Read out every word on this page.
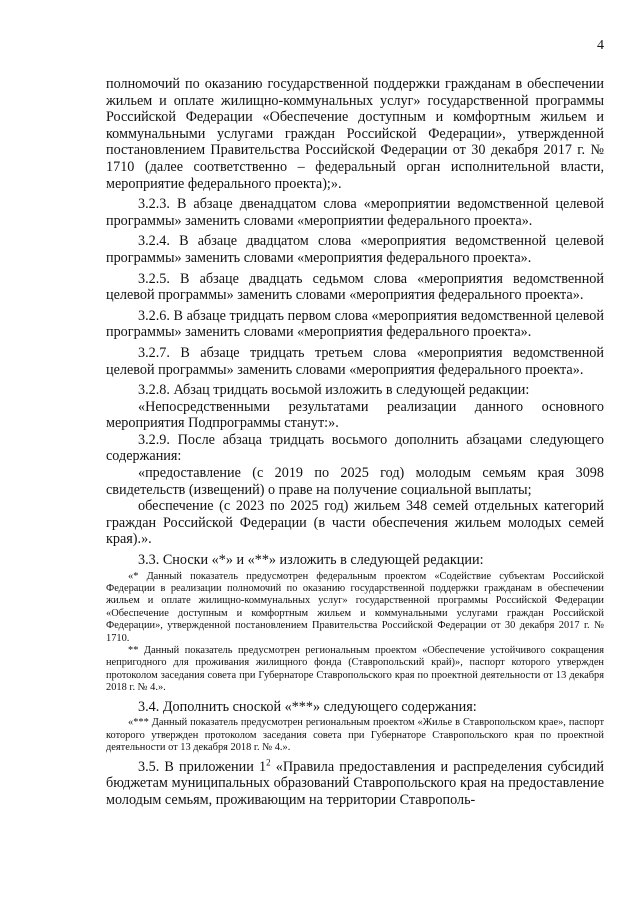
4

полномочий по оказанию государственной поддержки гражданам в обеспечении жильем и оплате жилищно-коммунальных услуг» государственной программы Российской Федерации «Обеспечение доступным и комфортным жильем и коммунальными услугами граждан Российской Федерации», утвержденной постановлением Правительства Российской Федерации от 30 декабря 2017 г. № 1710 (далее соответственно – федеральный орган исполнительной власти, мероприятие федерального проекта);».

3.2.3. В абзаце двенадцатом слова «мероприятии ведомственной целевой программы» заменить словами «мероприятии федерального проекта».

3.2.4. В абзаце двадцатом слова «мероприятия ведомственной целевой программы» заменить словами «мероприятия федерального проекта».

3.2.5. В абзаце двадцать седьмом слова «мероприятия ведомственной целевой программы» заменить словами «мероприятия федерального проекта».

3.2.6. В абзаце тридцать первом слова «мероприятия ведомственной целевой программы» заменить словами «мероприятия федерального проекта».

3.2.7. В абзаце тридцать третьем слова «мероприятия ведомственной целевой программы» заменить словами «мероприятия федерального проекта».

3.2.8. Абзац тридцать восьмой изложить в следующей редакции:

«Непосредственными результатами реализации данного основного мероприятия Подпрограммы станут:».

3.2.9. После абзаца тридцать восьмого дополнить абзацами следующего содержания:

«предоставление (с 2019 по 2025 год) молодым семьям края 3098 свидетельств (извещений) о праве на получение социальной выплаты;

обеспечение (с 2023 по 2025 год) жильем 348 семей отдельных категорий граждан Российской Федерации (в части обеспечения жильем молодых семей края).».

3.3. Сноски «*» и «**» изложить в следующей редакции:

«* Данный показатель предусмотрен федеральным проектом «Содействие субъектам Российской Федерации в реализации полномочий по оказанию государственной поддержки гражданам в обеспечении жильем и оплате жилищно-коммунальных услуг» государственной программы Российской Федерации «Обеспечение доступным и комфортным жильем и коммунальными услугами граждан Российской Федерации», утвержденной постановлением Правительства Российской Федерации от 30 декабря 2017 г. № 1710.

** Данный показатель предусмотрен региональным проектом «Обеспечение устойчивого сокращения непригодного для проживания жилищного фонда (Ставропольский край)», паспорт которого утвержден протоколом заседания совета при Губернаторе Ставропольского края по проектной деятельности от 13 декабря 2018 г. № 4.».

3.4. Дополнить сноской «***» следующего содержания:

«*** Данный показатель предусмотрен региональным проектом «Жилье в Ставропольском крае», паспорт которого утвержден протоколом заседания совета при Губернаторе Ставропольского края по проектной деятельности от 13 декабря 2018 г. № 4.».

3.5. В приложении $1^2$ «Правила предоставления и распределения субсидий бюджетам муниципальных образований Ставропольского края на предоставление молодым семьям, проживающим на территории Ставрополь-
